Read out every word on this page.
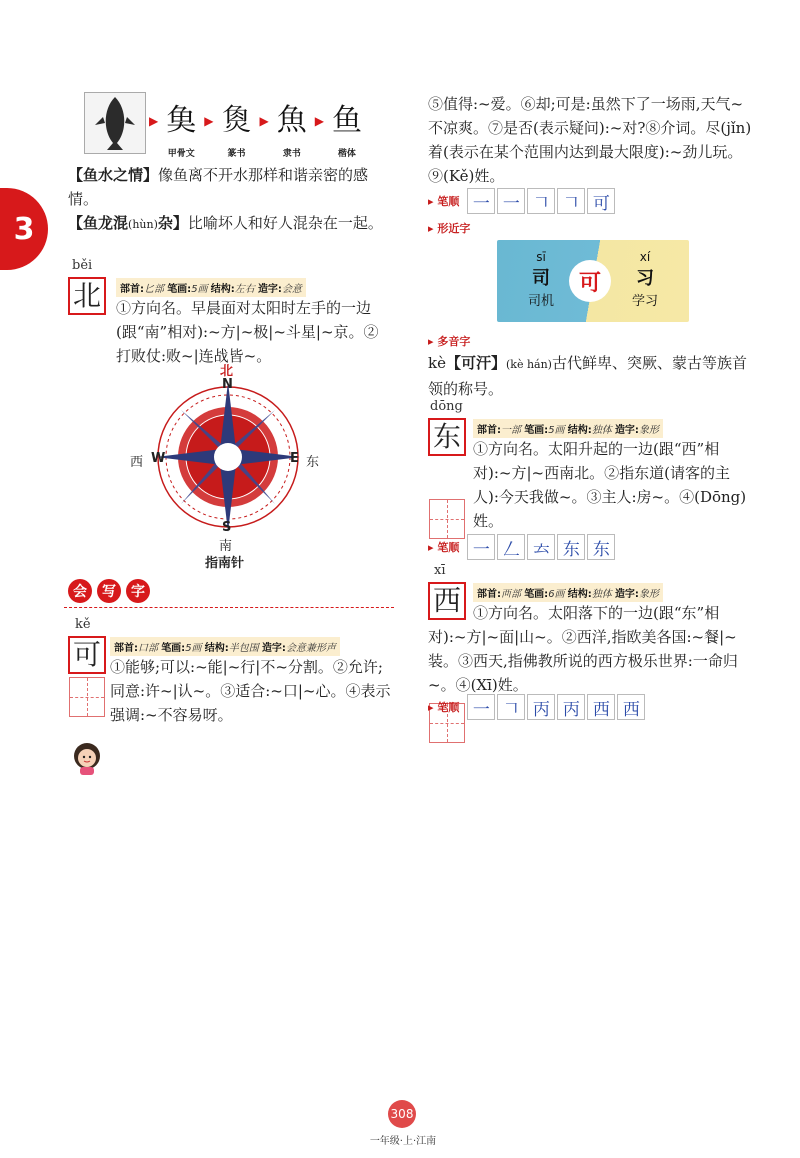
3
▶ 𩵋
甲骨文
▶ 𤋳
篆书
▶ 魚
隶书
▶ 鱼
楷体
【鱼水之情】像鱼离不开水那样和谐亲密的感情。
【鱼龙混(hùn)杂】比喻坏人和好人混杂在一起。
běi
北	部首:匕部 笔画:5画 结构:左右 造字:会意
①方向名。早晨面对太阳时左手的一边(跟“南”相对):~方|~极|~斗星|~京。②打败仗:败~|连战皆~。
北
N
S
W	E
西	东
南
指南针
会	写	字
kě
可	部首:口部 笔画:5画 结构:半包围 造字:会意兼形声
①能够;可以:~能|~行|不~分割。②允许;同意:许~|认~。③适合:~口|~心。④表示强调:~不容易呀。
⑤值得:~爱。⑥却;可是:虽然下了一场雨,天气~不凉爽。⑦是否(表示疑问):~对?⑧介词。尽(jǐn)着(表示在某个范围内达到最大限度):~劲儿玩。⑨(Kě)姓。
▸ 笔顺 一 一 𠃍 𠃍 可
▸ 形近字
sī
司
司机
可
xí
习
学习
▸ 多音字
kè【可汗】(kè hán)古代鲜卑、突厥、蒙古等族首领的称号。
dōng
东	部首:一部 笔画:5画 结构:独体 造字:象形
①方向名。太阳升起的一边(跟“西”相对):~方|~西南北。②指东道(请客的主人):今天我做~。③主人:房~。④(Dōng)姓。
▸ 笔顺 一 𠃋 𠫓 东 东
xī
西	部首:襾部 笔画:6画 结构:独体 造字:象形
①方向名。太阳落下的一边(跟“东”相对):~方|~面|山~。②西洋,指欧美各国:~餐|~装。③西天,指佛教所说的西方极乐世界:一命归~。④(Xī)姓。
▸ 笔顺 一 𠃍 丙 丙 西 西
308
一年级·上·江南
